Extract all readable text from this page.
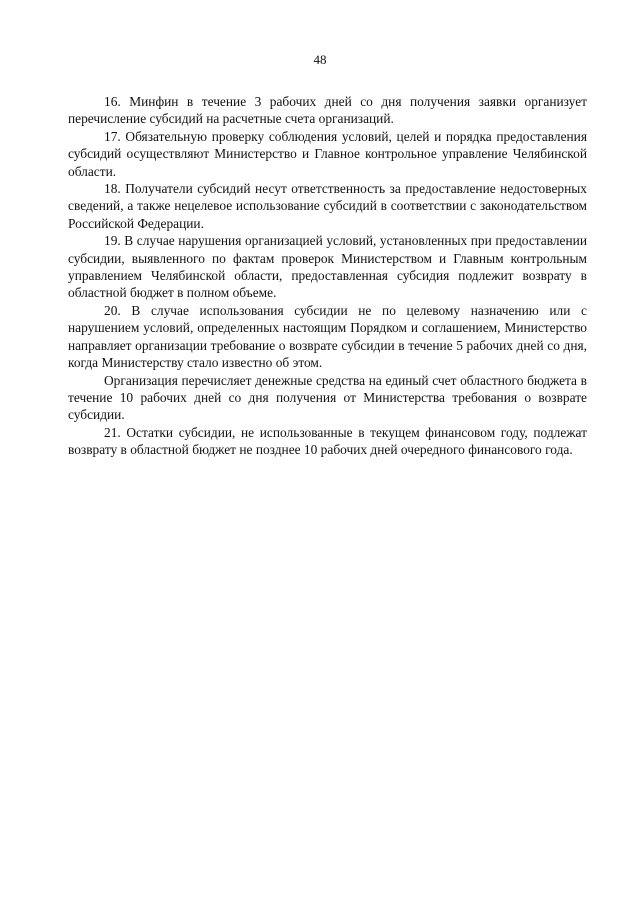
48

16. Минфин в течение 3 рабочих дней со дня получения заявки организует перечисление субсидий на расчетные счета организаций.

17. Обязательную проверку соблюдения условий, целей и порядка предоставления субсидий осуществляют Министерство и Главное контрольное управление Челябинской области.

18. Получатели субсидий несут ответственность за предоставление недостоверных сведений, а также нецелевое использование субсидий в соответствии с законодательством Российской Федерации.

19. В случае нарушения организацией условий, установленных при предоставлении субсидии, выявленного по фактам проверок Министерством и Главным контрольным управлением Челябинской области, предоставленная субсидия подлежит возврату в областной бюджет в полном объеме.

20. В случае использования субсидии не по целевому назначению или с нарушением условий, определенных настоящим Порядком и соглашением, Министерство направляет организации требование о возврате субсидии в течение 5 рабочих дней со дня, когда Министерству стало известно об этом.

Организация перечисляет денежные средства на единый счет областного бюджета в течение 10 рабочих дней со дня получения от Министерства требования о возврате субсидии.

21. Остатки субсидии, не использованные в текущем финансовом году, подлежат возврату в областной бюджет не позднее 10 рабочих дней очередного финансового года.
